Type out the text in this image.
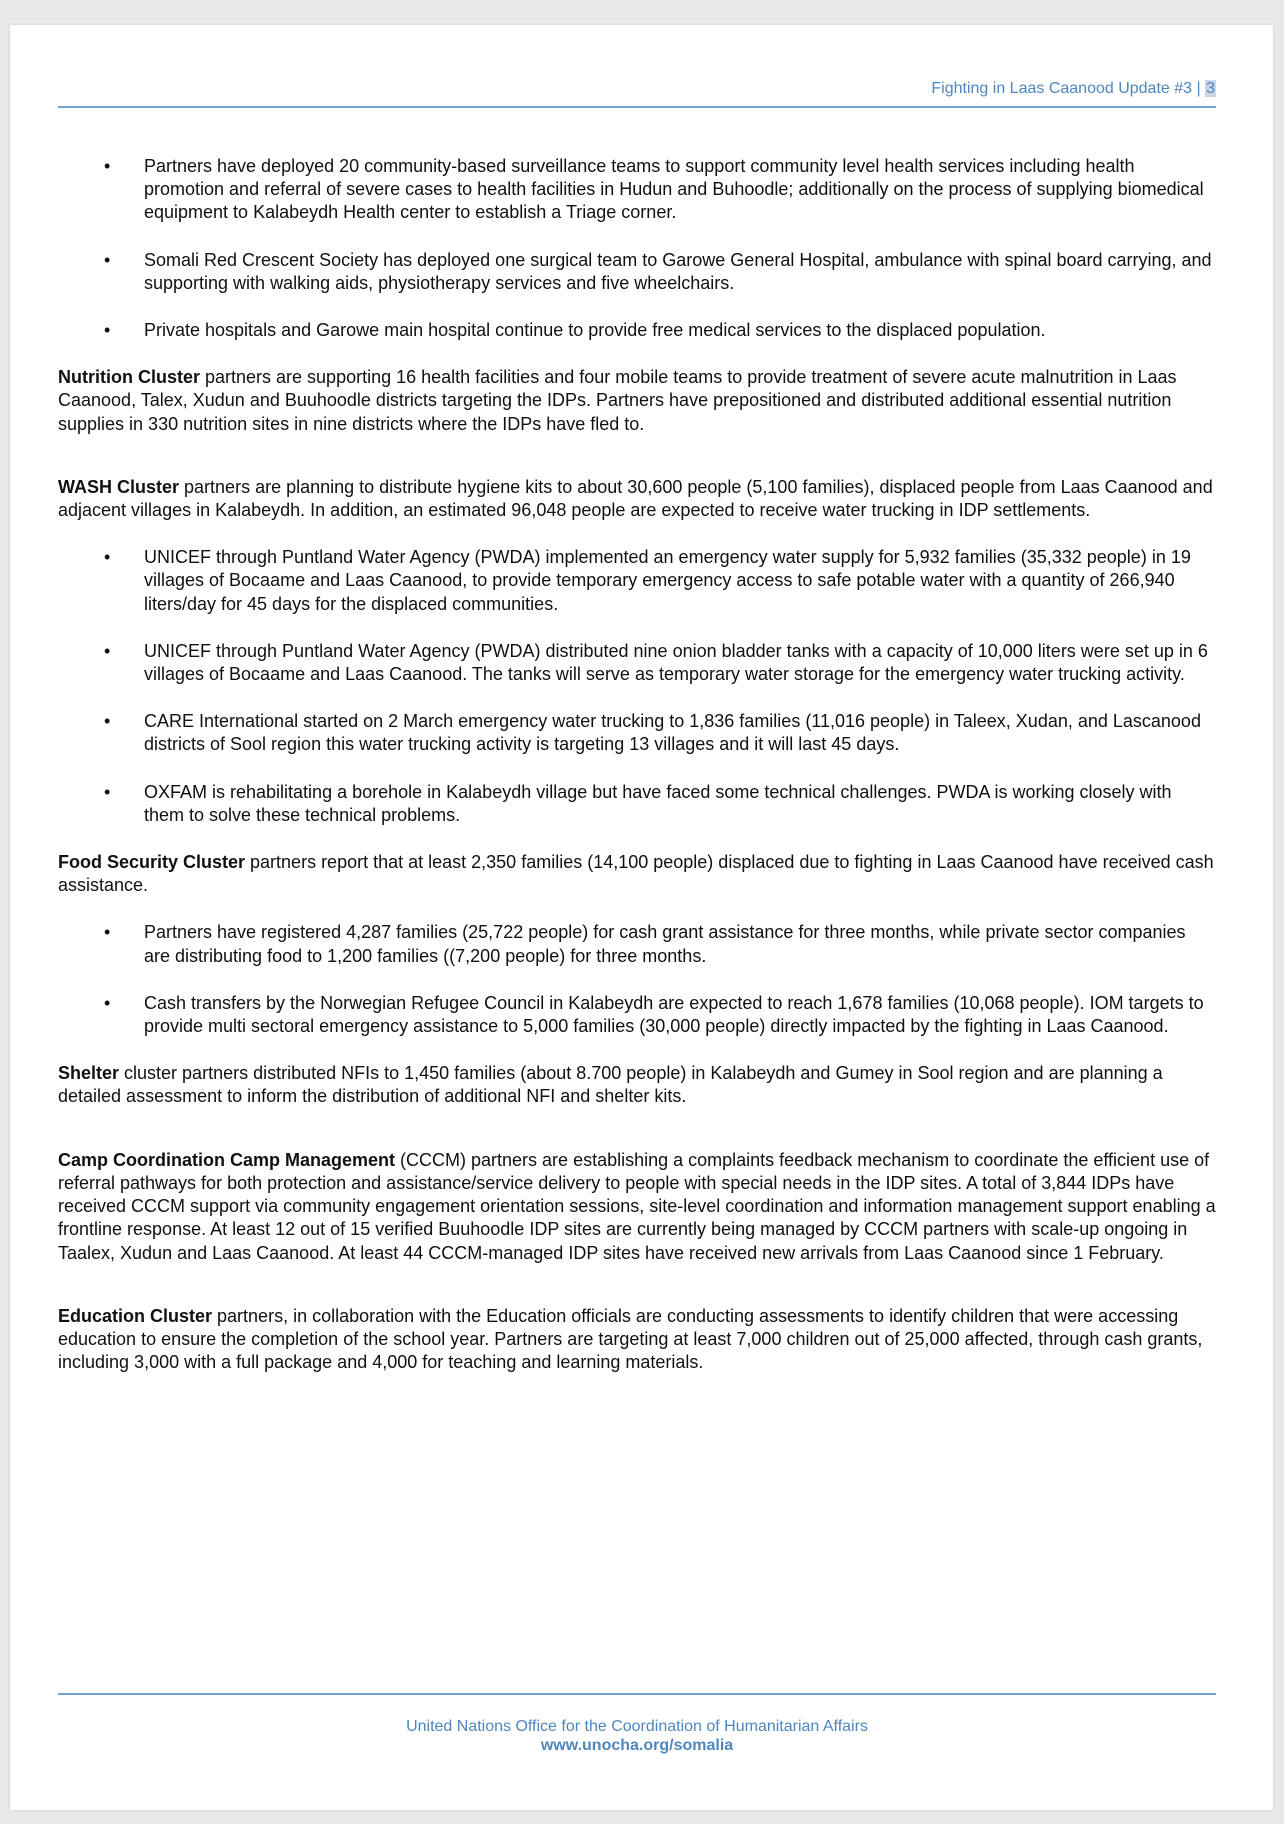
Fighting in Laas Caanood Update #3 | 3
• Partners have deployed 20 community-based surveillance teams to support community level health services including health promotion and referral of severe cases to health facilities in Hudun and Buhoodle; additionally on the process of supplying biomedical equipment to Kalabeydh Health center to establish a Triage corner.
• Somali Red Crescent Society has deployed one surgical team to Garowe General Hospital, ambulance with spinal board carrying, and supporting with walking aids, physiotherapy services and five wheelchairs.
• Private hospitals and Garowe main hospital continue to provide free medical services to the displaced population.

Nutrition Cluster partners are supporting 16 health facilities and four mobile teams to provide treatment of severe acute malnutrition in Laas Caanood, Talex, Xudun and Buuhoodle districts targeting the IDPs. Partners have prepositioned and distributed additional essential nutrition supplies in 330 nutrition sites in nine districts where the IDPs have fled to.

WASH Cluster partners are planning to distribute hygiene kits to about 30,600 people (5,100 families), displaced people from Laas Caanood and adjacent villages in Kalabeydh. In addition, an estimated 96,048 people are expected to receive water trucking in IDP settlements.

• UNICEF through Puntland Water Agency (PWDA) implemented an emergency water supply for 5,932 families (35,332 people) in 19 villages of Bocaame and Laas Caanood, to provide temporary emergency access to safe potable water with a quantity of 266,940 liters/day for 45 days for the displaced communities.
• UNICEF through Puntland Water Agency (PWDA) distributed nine onion bladder tanks with a capacity of 10,000 liters were set up in 6 villages of Bocaame and Laas Caanood. The tanks will serve as temporary water storage for the emergency water trucking activity.
• CARE International started on 2 March emergency water trucking to 1,836 families (11,016 people) in Taleex, Xudan, and Lascanood districts of Sool region this water trucking activity is targeting 13 villages and it will last 45 days.
• OXFAM is rehabilitating a borehole in Kalabeydh village but have faced some technical challenges. PWDA is working closely with them to solve these technical problems.

Food Security Cluster partners report that at least 2,350 families (14,100 people) displaced due to fighting in Laas Caanood have received cash assistance.

• Partners have registered 4,287 families (25,722 people) for cash grant assistance for three months, while private sector companies are distributing food to 1,200 families ((7,200 people) for three months.
• Cash transfers by the Norwegian Refugee Council in Kalabeydh are expected to reach 1,678 families (10,068 people). IOM targets to provide multi sectoral emergency assistance to 5,000 families (30,000 people) directly impacted by the fighting in Laas Caanood.

Shelter cluster partners distributed NFIs to 1,450 families (about 8.700 people) in Kalabeydh and Gumey in Sool region and are planning a detailed assessment to inform the distribution of additional NFI and shelter kits.

Camp Coordination Camp Management (CCCM) partners are establishing a complaints feedback mechanism to coordinate the efficient use of referral pathways for both protection and assistance/service delivery to people with special needs in the IDP sites. A total of 3,844 IDPs have received CCCM support via community engagement orientation sessions, site-level coordination and information management support enabling a frontline response. At least 12 out of 15 verified Buuhoodle IDP sites are currently being managed by CCCM partners with scale-up ongoing in Taalex, Xudun and Laas Caanood. At least 44 CCCM-managed IDP sites have received new arrivals from Laas Caanood since 1 February.

Education Cluster partners, in collaboration with the Education officials are conducting assessments to identify children that were accessing education to ensure the completion of the school year. Partners are targeting at least 7,000 children out of 25,000 affected, through cash grants, including 3,000 with a full package and 4,000 for teaching and learning materials.

United Nations Office for the Coordination of Humanitarian Affairs
www.unocha.org/somalia
